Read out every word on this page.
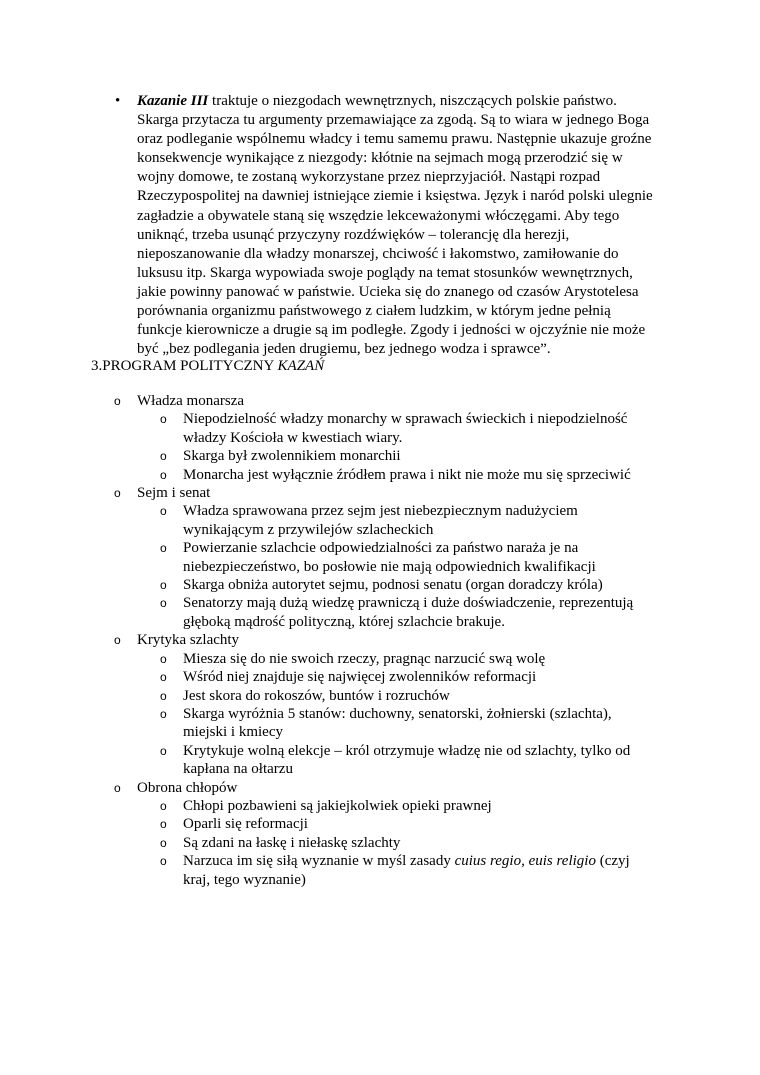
• Kazanie III traktuje o niezgodach wewnętrznych, niszczących polskie państwo.
Skarga przytacza tu argumenty przemawiające za zgodą. Są to wiara w jednego Boga
oraz podleganie wspólnemu władcy i temu samemu prawu. Następnie ukazuje groźne
konsekwencje wynikające z niezgody: kłótnie na sejmach mogą przerodzić się w
wojny domowe, te zostaną wykorzystane przez nieprzyjaciół. Nastąpi rozpad
Rzeczypospolitej na dawniej istniejące ziemie i księstwa. Język i naród polski ulegnie
zagładzie a obywatele staną się wszędzie lekceważonymi włóczęgami. Aby tego
uniknąć, trzeba usunąć przyczyny rozdźwięków – tolerancję dla herezji,
nieposzanowanie dla władzy monarszej, chciwość i łakomstwo, zamiłowanie do
luksusu itp. Skarga wypowiada swoje poglądy na temat stosunków wewnętrznych,
jakie powinny panować w państwie. Ucieka się do znanego od czasów Arystotelesa
porównania organizmu państwowego z ciałem ludzkim, w którym jedne pełnią
funkcje kierownicze a drugie są im podległe. Zgody i jedności w ojczyźnie nie może
być „bez podlegania jeden drugiemu, bez jednego wodza i sprawce”.
3.PROGRAM POLITYCZNY KAZAŃ
o Władza monarsza
o Niepodzielność władzy monarchy w sprawach świeckich i niepodzielność
władzy Kościoła w kwestiach wiary.
o Skarga był zwolennikiem monarchii
o Monarcha jest wyłącznie źródłem prawa i nikt nie może mu się sprzeciwić
o Sejm i senat
o Władza sprawowana przez sejm jest niebezpiecznym nadużyciem
wynikającym z przywilejów szlacheckich
o Powierzanie szlachcie odpowiedzialności za państwo naraża je na
niebezpieczeństwo, bo posłowie nie mają odpowiednich kwalifikacji
o Skarga obniża autorytet sejmu, podnosi senatu (organ doradczy króla)
o Senatorzy mają dużą wiedzę prawniczą i duże doświadczenie, reprezentują
głęboką mądrość polityczną, której szlachcie brakuje.
o Krytyka szlachty
o Miesza się do nie swoich rzeczy, pragnąc narzucić swą wolę
o Wśród niej znajduje się najwięcej zwolenników reformacji
o Jest skora do rokoszów, buntów i rozruchów
o Skarga wyróżnia 5 stanów: duchowny, senatorski, żołnierski (szlachta),
miejski i kmiecy
o Krytykuje wolną elekcje – król otrzymuje władzę nie od szlachty, tylko od
kapłana na ołtarzu
o Obrona chłopów
o Chłopi pozbawieni są jakiejkolwiek opieki prawnej
o Oparli się reformacji
o Są zdani na łaskę i niełaskę szlachty
o Narzuca im się siłą wyznanie w myśl zasady cuius regio, euis religio (czyj
kraj, tego wyznanie)
